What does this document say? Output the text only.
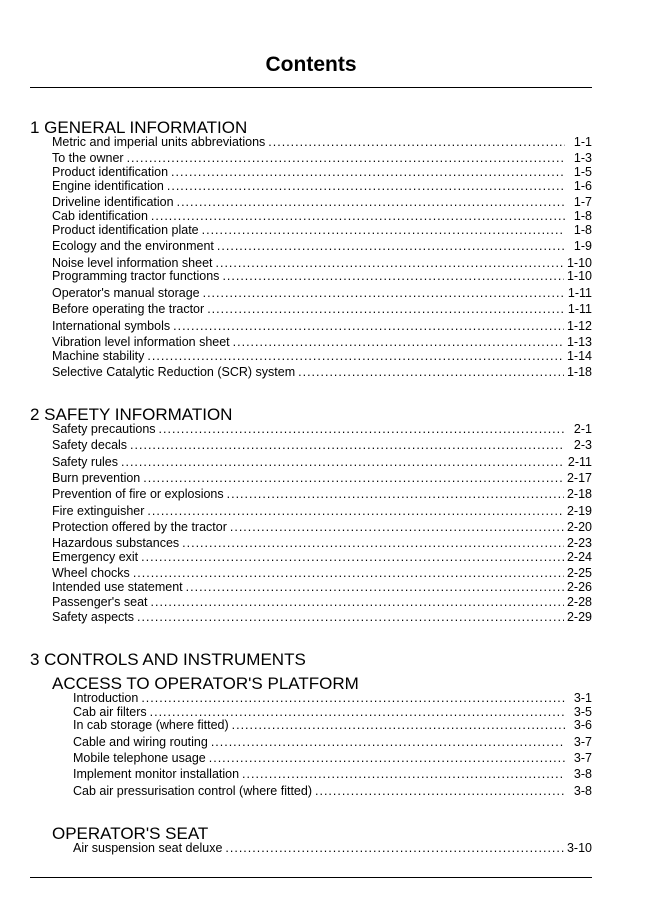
Contents
1 GENERAL INFORMATION
Metric and imperial units abbreviations .....	1-1
To the owner .....	1-3
Product identification .....	1-5
Engine identification .....	1-6
Driveline identification .....	1-7
Cab identification .....	1-8
Product identification plate .....	1-8
Ecology and the environment .....	1-9
Noise level information sheet .....	1-10
Programming tractor functions .....	1-10
Operator's manual storage .....	1-11
Before operating the tractor .....	1-11
International symbols .....	1-12
Vibration level information sheet .....	1-13
Machine stability .....	1-14
Selective Catalytic Reduction (SCR) system .....	1-18
2 SAFETY INFORMATION
Safety precautions .....	2-1
Safety decals .....	2-3
Safety rules .....	2-11
Burn prevention .....	2-17
Prevention of fire or explosions .....	2-18
Fire extinguisher .....	2-19
Protection offered by the tractor .....	2-20
Hazardous substances .....	2-23
Emergency exit .....	2-24
Wheel chocks .....	2-25
Intended use statement .....	2-26
Passenger's seat .....	2-28
Safety aspects .....	2-29
3 CONTROLS AND INSTRUMENTS
ACCESS TO OPERATOR'S PLATFORM
Introduction .....	3-1
Cab air filters .....	3-5
In cab storage (where fitted) .....	3-6
Cable and wiring routing .....	3-7
Mobile telephone usage .....	3-7
Implement monitor installation .....	3-8
Cab air pressurisation control (where fitted) .....	3-8
OPERATOR'S SEAT
Air suspension seat deluxe .....	3-10
